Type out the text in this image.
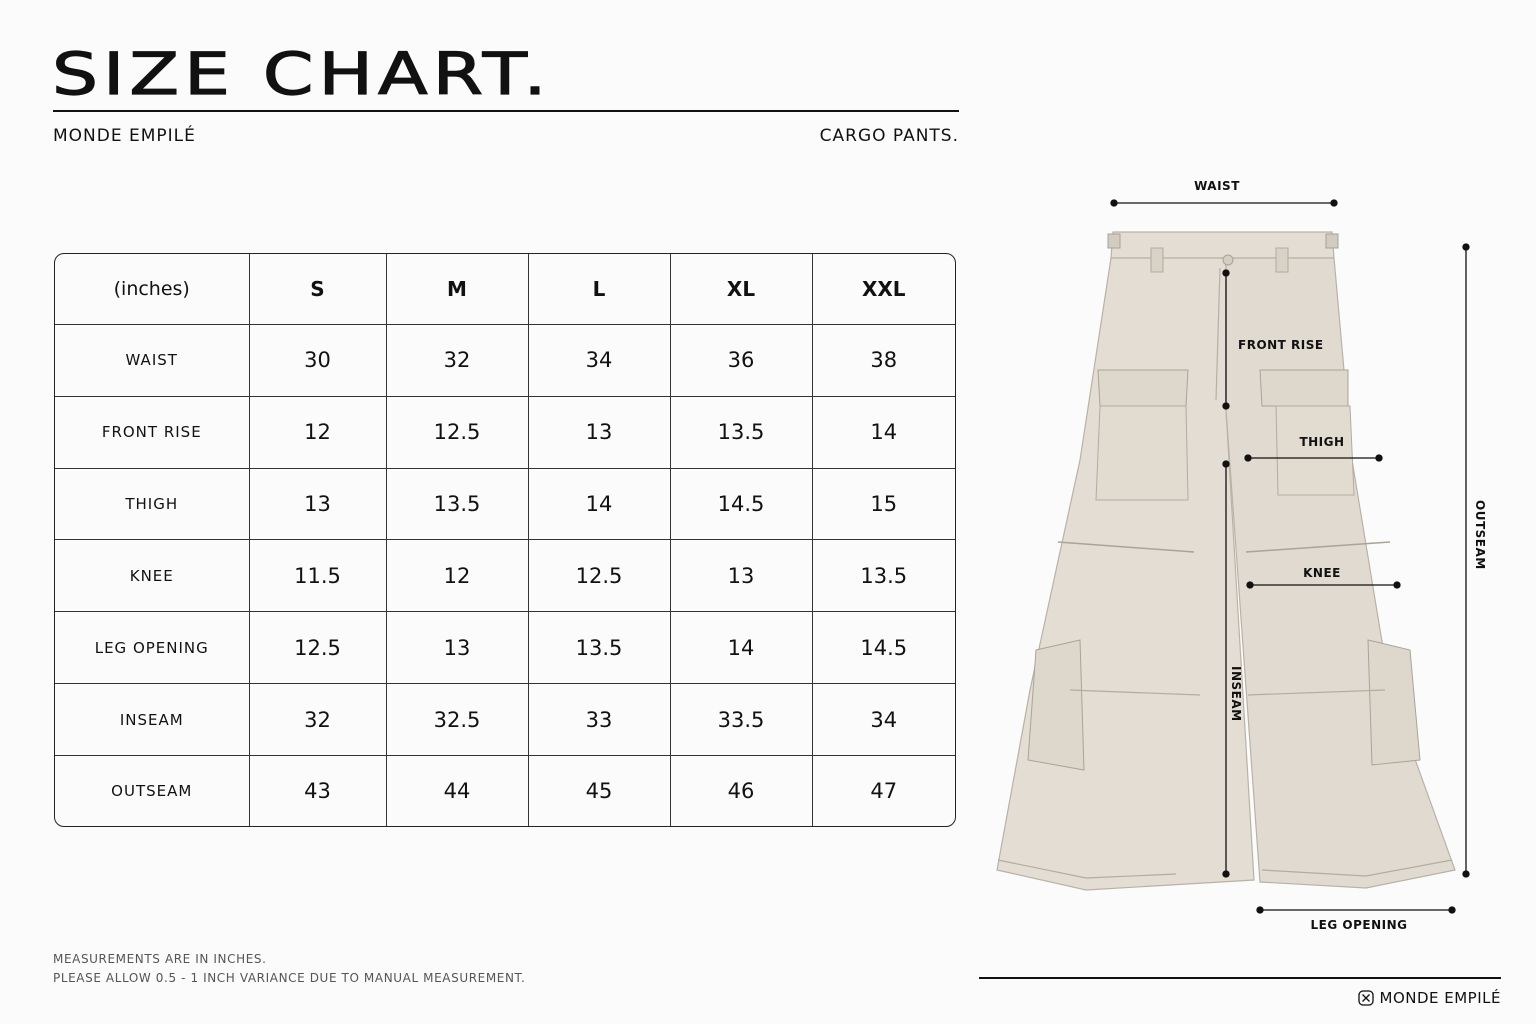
SIZE CHART.
MONDE EMPILÉ	CARGO PANTS.
(inches)	S	M	L	XL	XXL
WAIST	30	32	34	36	38
FRONT RISE	12	12.5	13	13.5	14
THIGH	13	13.5	14	14.5	15
KNEE	11.5	12	12.5	13	13.5
LEG OPENING	12.5	13	13.5	14	14.5
INSEAM	32	32.5	33	33.5	34
OUTSEAM	43	44	45	46	47
MEASUREMENTS ARE IN INCHES.
PLEASE ALLOW 0.5 - 1 INCH VARIANCE DUE TO MANUAL MEASUREMENT.
WAIST
FRONT RISE
THIGH
KNEE
INSEAM
OUTSEAM
LEG OPENING
MONDE EMPILÉ
